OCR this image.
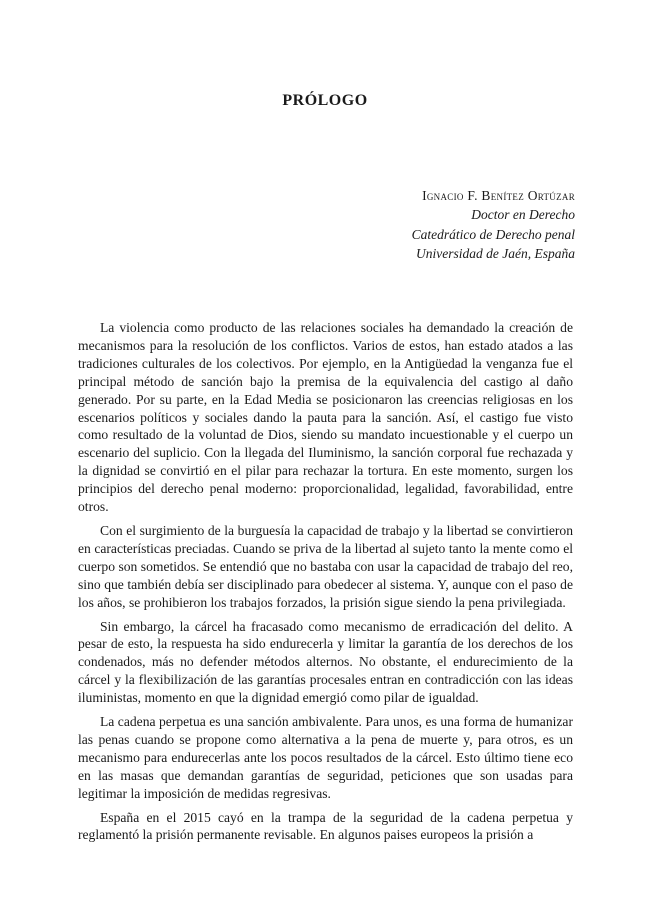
PRÓLOGO
Ignacio F. Benítez Ortúzar
Doctor en Derecho
Catedrático de Derecho penal
Universidad de Jaén, España

La violencia como producto de las relaciones sociales ha demandado la creación de mecanismos para la resolución de los conflictos. Varios de estos, han estado atados a las tradiciones culturales de los colectivos. Por ejemplo, en la Antigüedad la venganza fue el principal método de sanción bajo la premisa de la equivalencia del castigo al daño generado. Por su parte, en la Edad Media se posicionaron las creencias religiosas en los escenarios políticos y sociales dando la pauta para la sanción. Así, el castigo fue visto como resultado de la voluntad de Dios, siendo su mandato incuestionable y el cuerpo un escenario del suplicio. Con la llegada del Iluminismo, la sanción corporal fue rechazada y la dignidad se convirtió en el pilar para rechazar la tortura. En este momento, surgen los principios del derecho penal moderno: proporcionalidad, legalidad, favorabilidad, entre otros.

Con el surgimiento de la burguesía la capacidad de trabajo y la libertad se convirtieron en características preciadas. Cuando se priva de la libertad al sujeto tanto la mente como el cuerpo son sometidos. Se entendió que no bastaba con usar la capacidad de trabajo del reo, sino que también debía ser disciplinado para obedecer al sistema. Y, aunque con el paso de los años, se prohibieron los trabajos forzados, la prisión sigue siendo la pena privilegiada.

Sin embargo, la cárcel ha fracasado como mecanismo de erradicación del delito. A pesar de esto, la respuesta ha sido endurecerla y limitar la garantía de los derechos de los condenados, más no defender métodos alternos. No obstante, el endurecimiento de la cárcel y la flexibilización de las garantías procesales entran en contradicción con las ideas iluministas, momento en que la dignidad emergió como pilar de igualdad.

La cadena perpetua es una sanción ambivalente. Para unos, es una forma de humanizar las penas cuando se propone como alternativa a la pena de muerte y, para otros, es un mecanismo para endurecerlas ante los pocos resultados de la cárcel. Esto último tiene eco en las masas que demandan garantías de seguridad, peticiones que son usadas para legitimar la imposición de medidas regresivas.

España en el 2015 cayó en la trampa de la seguridad de la cadena perpetua y reglamentó la prisión permanente revisable. En algunos paises europeos la prisión a
